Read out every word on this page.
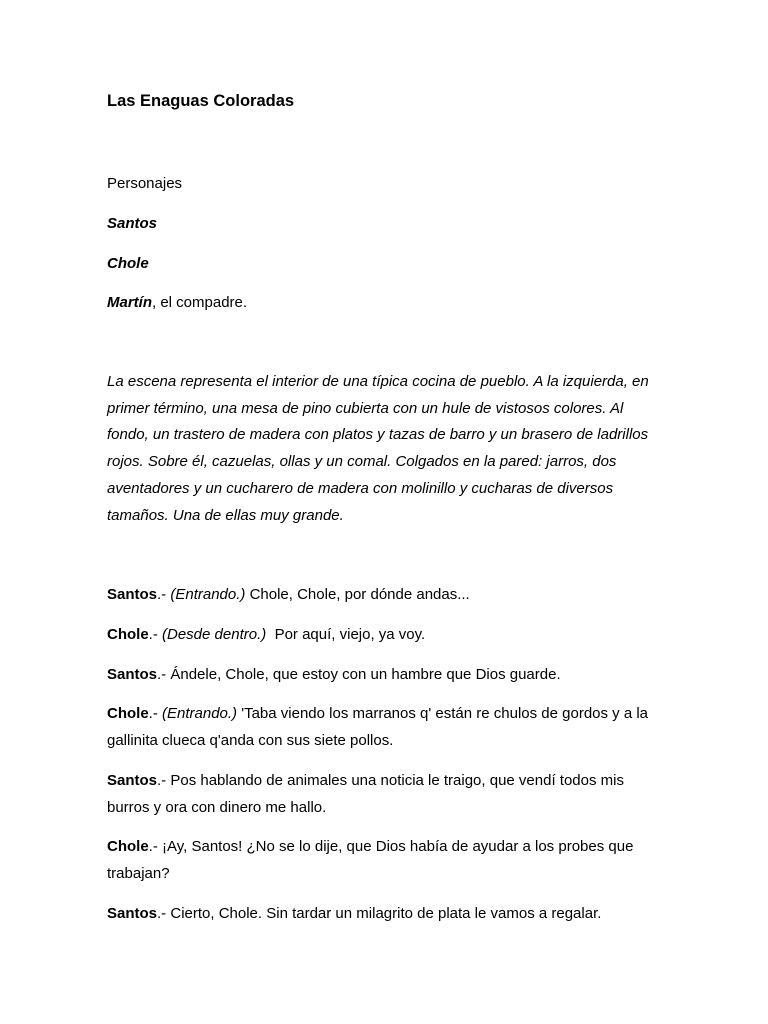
Las Enaguas Coloradas

Personajes

Santos

Chole

Martín, el compadre.

La escena representa el interior de una típica cocina de pueblo. A la izquierda, en primer término, una mesa de pino cubierta con un hule de vistosos colores. Al fondo, un trastero de madera con platos y tazas de barro y un brasero de ladrillos rojos. Sobre él, cazuelas, ollas y un comal. Colgados en la pared: jarros, dos aventadores y un cucharero de madera con molinillo y cucharas de diversos tamaños. Una de ellas muy grande.

Santos.- (Entrando.) Chole, Chole, por dónde andas...

Chole.- (Desde dentro.)  Por aquí, viejo, ya voy.

Santos.- Ándele, Chole, que estoy con un hambre que Dios guarde.

Chole.- (Entrando.) 'Taba viendo los marranos q' están re chulos de gordos y a la gallinita clueca q'anda con sus siete pollos.

Santos.- Pos hablando de animales una noticia le traigo, que vendí todos mis burros y ora con dinero me hallo.

Chole.- ¡Ay, Santos! ¿No se lo dije, que Dios había de ayudar a los probes que trabajan?

Santos.- Cierto, Chole. Sin tardar un milagrito de plata le vamos a regalar.
